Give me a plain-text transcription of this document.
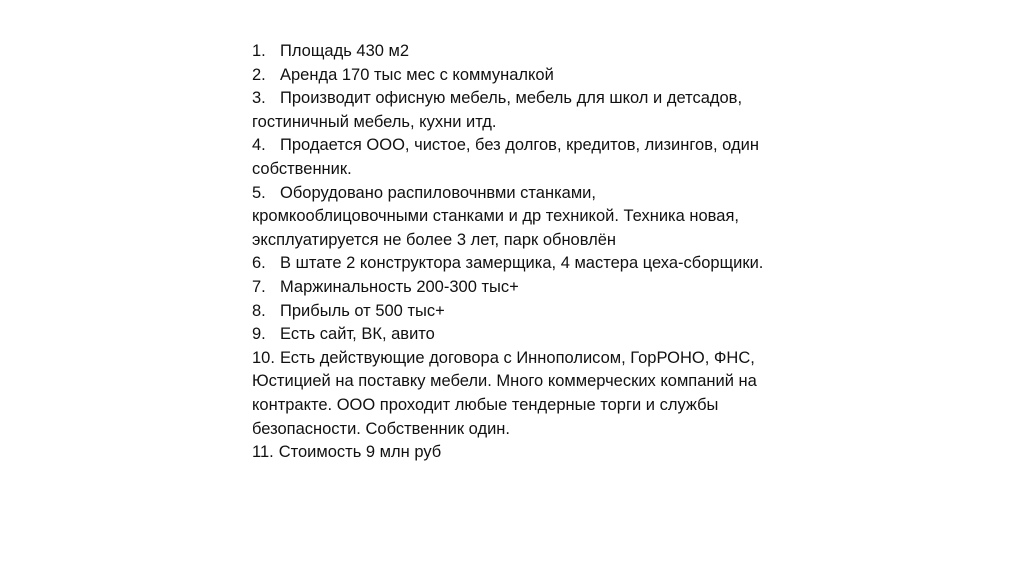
1. Площадь 430 м2
2. Аренда 170 тыс мес с коммуналкой
3. Производит офисную мебель, мебель для школ и детсадов, гостиничный мебель, кухни итд.
4. Продается ООО, чистое, без долгов, кредитов, лизингов, один собственник.
5. Оборудовано распиловочнвми станками, кромкооблицовочными станками и др техникой. Техника новая, эксплуатируется не более 3 лет, парк обновлён
6. В штате 2 конструктора замерщика, 4 мастера цеха-сборщики.
7. Маржинальность 200-300 тыс+
8. Прибыль от 500 тыс+
9. Есть сайт, ВК, авито
10. Есть действующие договора с Иннополисом, ГорРОНО, ФНС, Юстицией на поставку мебели. Много коммерческих компаний на контракте. ООО проходит любые тендерные торги и службы безопасности. Собственник один.
11. Стоимость 9 млн руб
